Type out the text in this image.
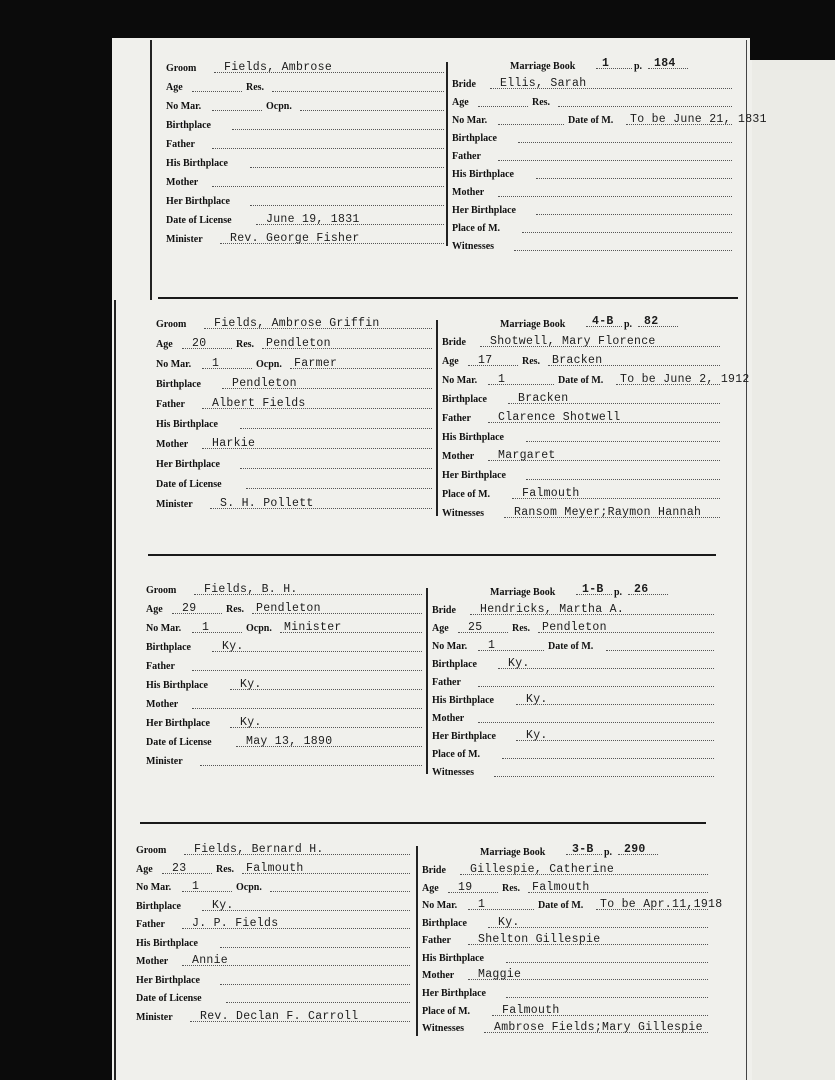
Groom Fields, Ambrose
Age	Res.
No Mar.	Ocpn.
Birthplace
Father
His Birthplace
Mother
Her Birthplace
Date of License	June 19, 1831
Minister Rev. George Fisher
Marriage Book 1 p. 184
Bride Ellis, Sarah
Age	Res.
No Mar.	Date of M. To be June 21, 1831
Birthplace
Father
His Birthplace
Mother
Her Birthplace
Place of M.
Witnesses
Groom Fields, Ambrose Griffin
Age 20	Res. Pendleton
No Mar. 1	Ocpn. Farmer
Birthplace	Pendleton
Father Albert Fields
His Birthplace
Mother Harkie
Her Birthplace
Date of License
Minister S. H. Pollett
Marriage Book 4-B p. 82
Bride Shotwell, Mary Florence
Age 17	Res. Bracken
No Mar. 1	Date of M. To be June 2, 1912
Birthplace	Bracken
Father Clarence Shotwell
His Birthplace
Mother Margaret
Her Birthplace
Place of M.	Falmouth
Witnesses	Ransom Meyer;Raymon Hannah
Groom Fields, B. H.
Age 29	Res. Pendleton
No Mar. 1	Ocpn. Minister
Birthplace	Ky.
Father
His Birthplace	Ky.
Mother
Her Birthplace	Ky.
Date of License	May 13, 1890
Minister
Marriage Book 1-B p. 26
Bride Hendricks, Martha A.
Age 25	Res. Pendleton
No Mar. 1	Date of M.
Birthplace	Ky.
Father
His Birthplace	Ky.
Mother
Her Birthplace	Ky.
Place of M.
Witnesses
Groom Fields, Bernard H.
Age 23	Res. Falmouth
No Mar. 1	Ocpn.
Birthplace	Ky.
Father J. P. Fields
His Birthplace
Mother Annie
Her Birthplace
Date of License
Minister Rev. Declan F. Carroll
Marriage Book 3-B p. 290
Bride Gillespie, Catherine
Age 19	Res. Falmouth
No Mar. 1	Date of M. To be Apr.11,1918
Birthplace	Ky.
Father Shelton Gillespie
His Birthplace
Mother Maggie
Her Birthplace
Place of M.	Falmouth
Witnesses	Ambrose Fields;Mary Gillespie
